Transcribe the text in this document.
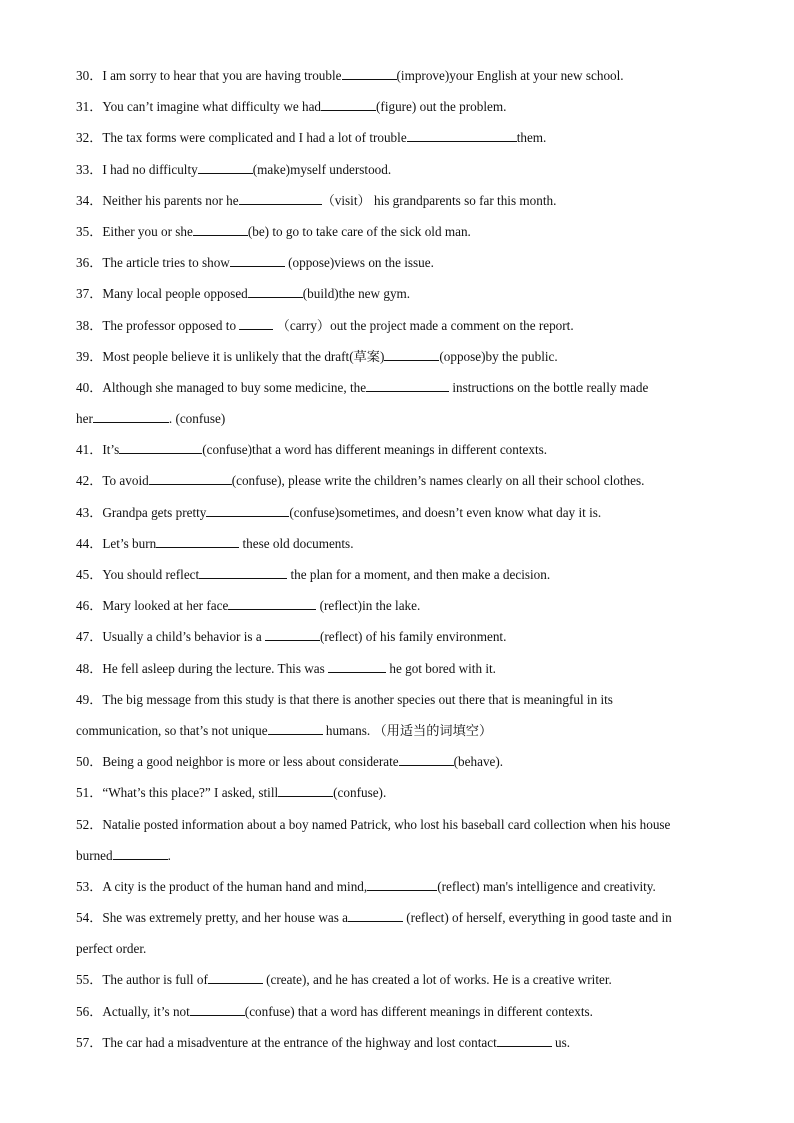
30．I am sorry to hear that you are having trouble	(improve)your English at your new school.
31．You can’t imagine what difficulty we had	(figure) out the problem.
32．The tax forms were complicated and I had a lot of trouble	them.
33．I had no difficulty	(make)myself understood.
34．Neither his parents nor he	（visit） his grandparents so far this month.
35．Either you or she	(be) to go to take care of the sick old man.
36．The article tries to show	(oppose)views on the issue.
37．Many local people opposed	(build)the new gym.
38．The professor opposed to	（carry）out the project made a comment on the report.
39．Most people believe it is unlikely that the draft(草案)	(oppose)by the public.
40．Although she managed to buy some medicine, the	instructions on the bottle really made
her	. (confuse)
41．It’s	(confuse)that a word has different meanings in different contexts.
42．To avoid	(confuse), please write the children’s names clearly on all their school clothes.
43．Grandpa gets pretty	(confuse)sometimes, and doesn’t even know what day it is.
44．Let’s burn	these old documents.
45．You should reflect	the plan for a moment, and then make a decision.
46．Mary looked at her face	(reflect)in the lake.
47．Usually a child’s behavior is a	(reflect) of his family environment.
48．He fell asleep during the lecture. This was	he got bored with it.
49．The big message from this study is that there is another species out there that is meaningful in its
communication, so that’s not unique	humans. （用适当的词填空）
50．Being a good neighbor is more or less about considerate	(behave).
51．“What’s this place?” I asked, still	(confuse).
52．Natalie posted information about a boy named Patrick, who lost his baseball card collection when his house
burned	.
53．A city is the product of the human hand and mind,	(reflect) man's intelligence and creativity.
54．She was extremely pretty, and her house was a	(reflect) of herself, everything in good taste and in
perfect order.
55．The author is full of	(create), and he has created a lot of works. He is a creative writer.
56．Actually, it’s not	(confuse) that a word has different meanings in different contexts.
57．The car had a misadventure at the entrance of the highway and lost contact	us.
